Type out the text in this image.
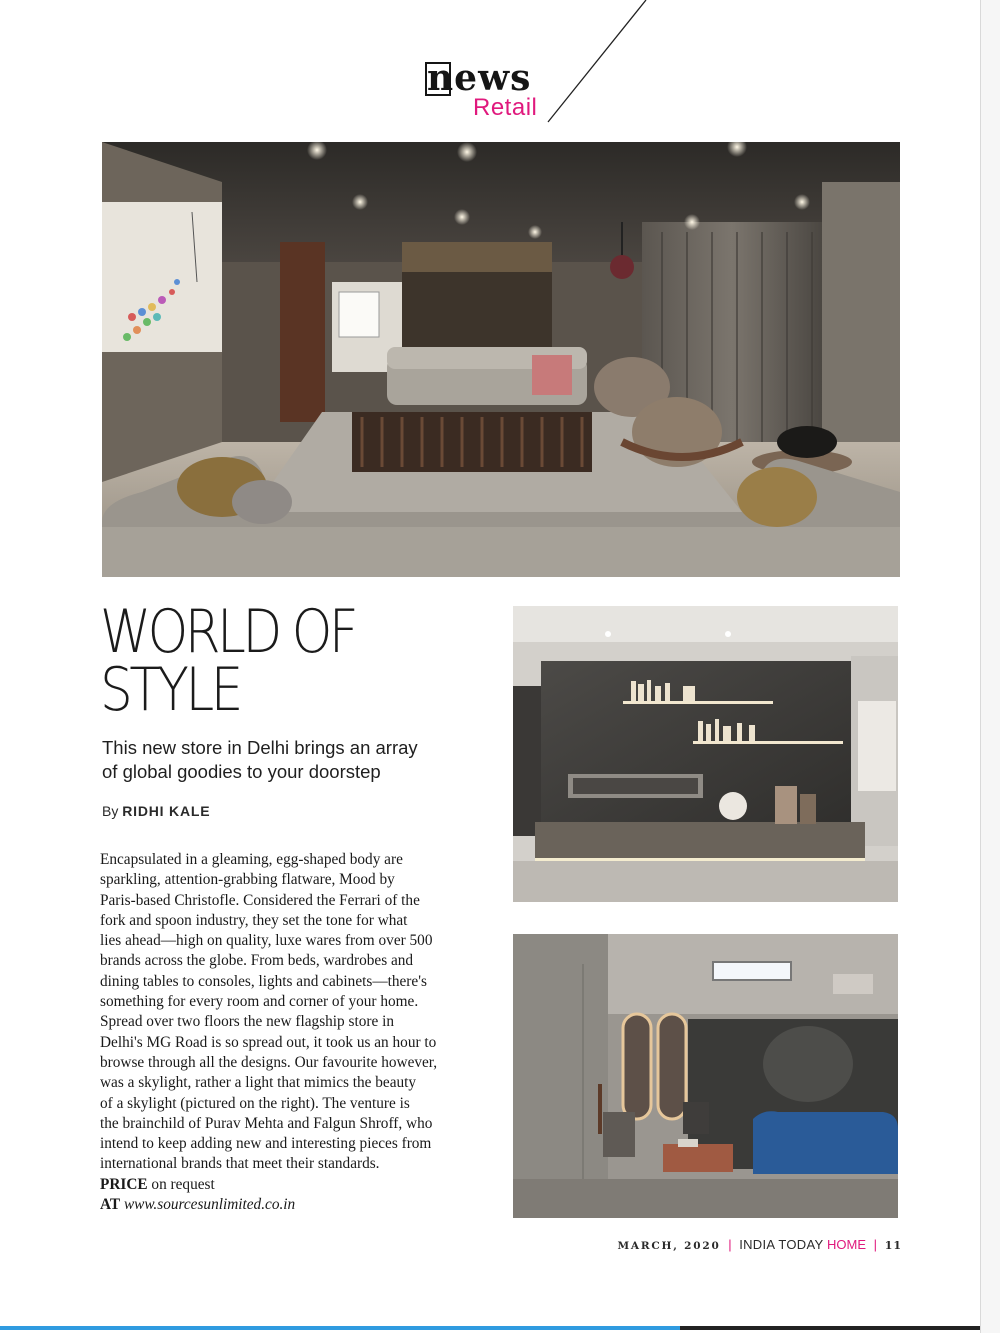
news
Retail
WORLD OF
STYLE
This new store in Delhi brings an array
of global goodies to your doorstep
By RIDHI KALE
Encapsulated in a gleaming, egg-shaped body are
sparkling, attention-grabbing flatware, Mood by
Paris-based Christofle. Considered the Ferrari of the
fork and spoon industry, they set the tone for what
lies ahead—high on quality, luxe wares from over 500
brands across the globe. From beds, wardrobes and
dining tables to consoles, lights and cabinets—there's
something for every room and corner of your home.
Spread over two floors the new flagship store in
Delhi's MG Road is so spread out, it took us an hour to
browse through all the designs. Our favourite however,
was a skylight, rather a light that mimics the beauty
of a skylight (pictured on the right). The venture is
the brainchild of Purav Mehta and Falgun Shroff, who
intend to keep adding new and interesting pieces from
international brands that meet their standards.
PRICE on request
AT www.sourcesunlimited.co.in
MARCH, 2020 | INDIA TODAY HOME | 11
